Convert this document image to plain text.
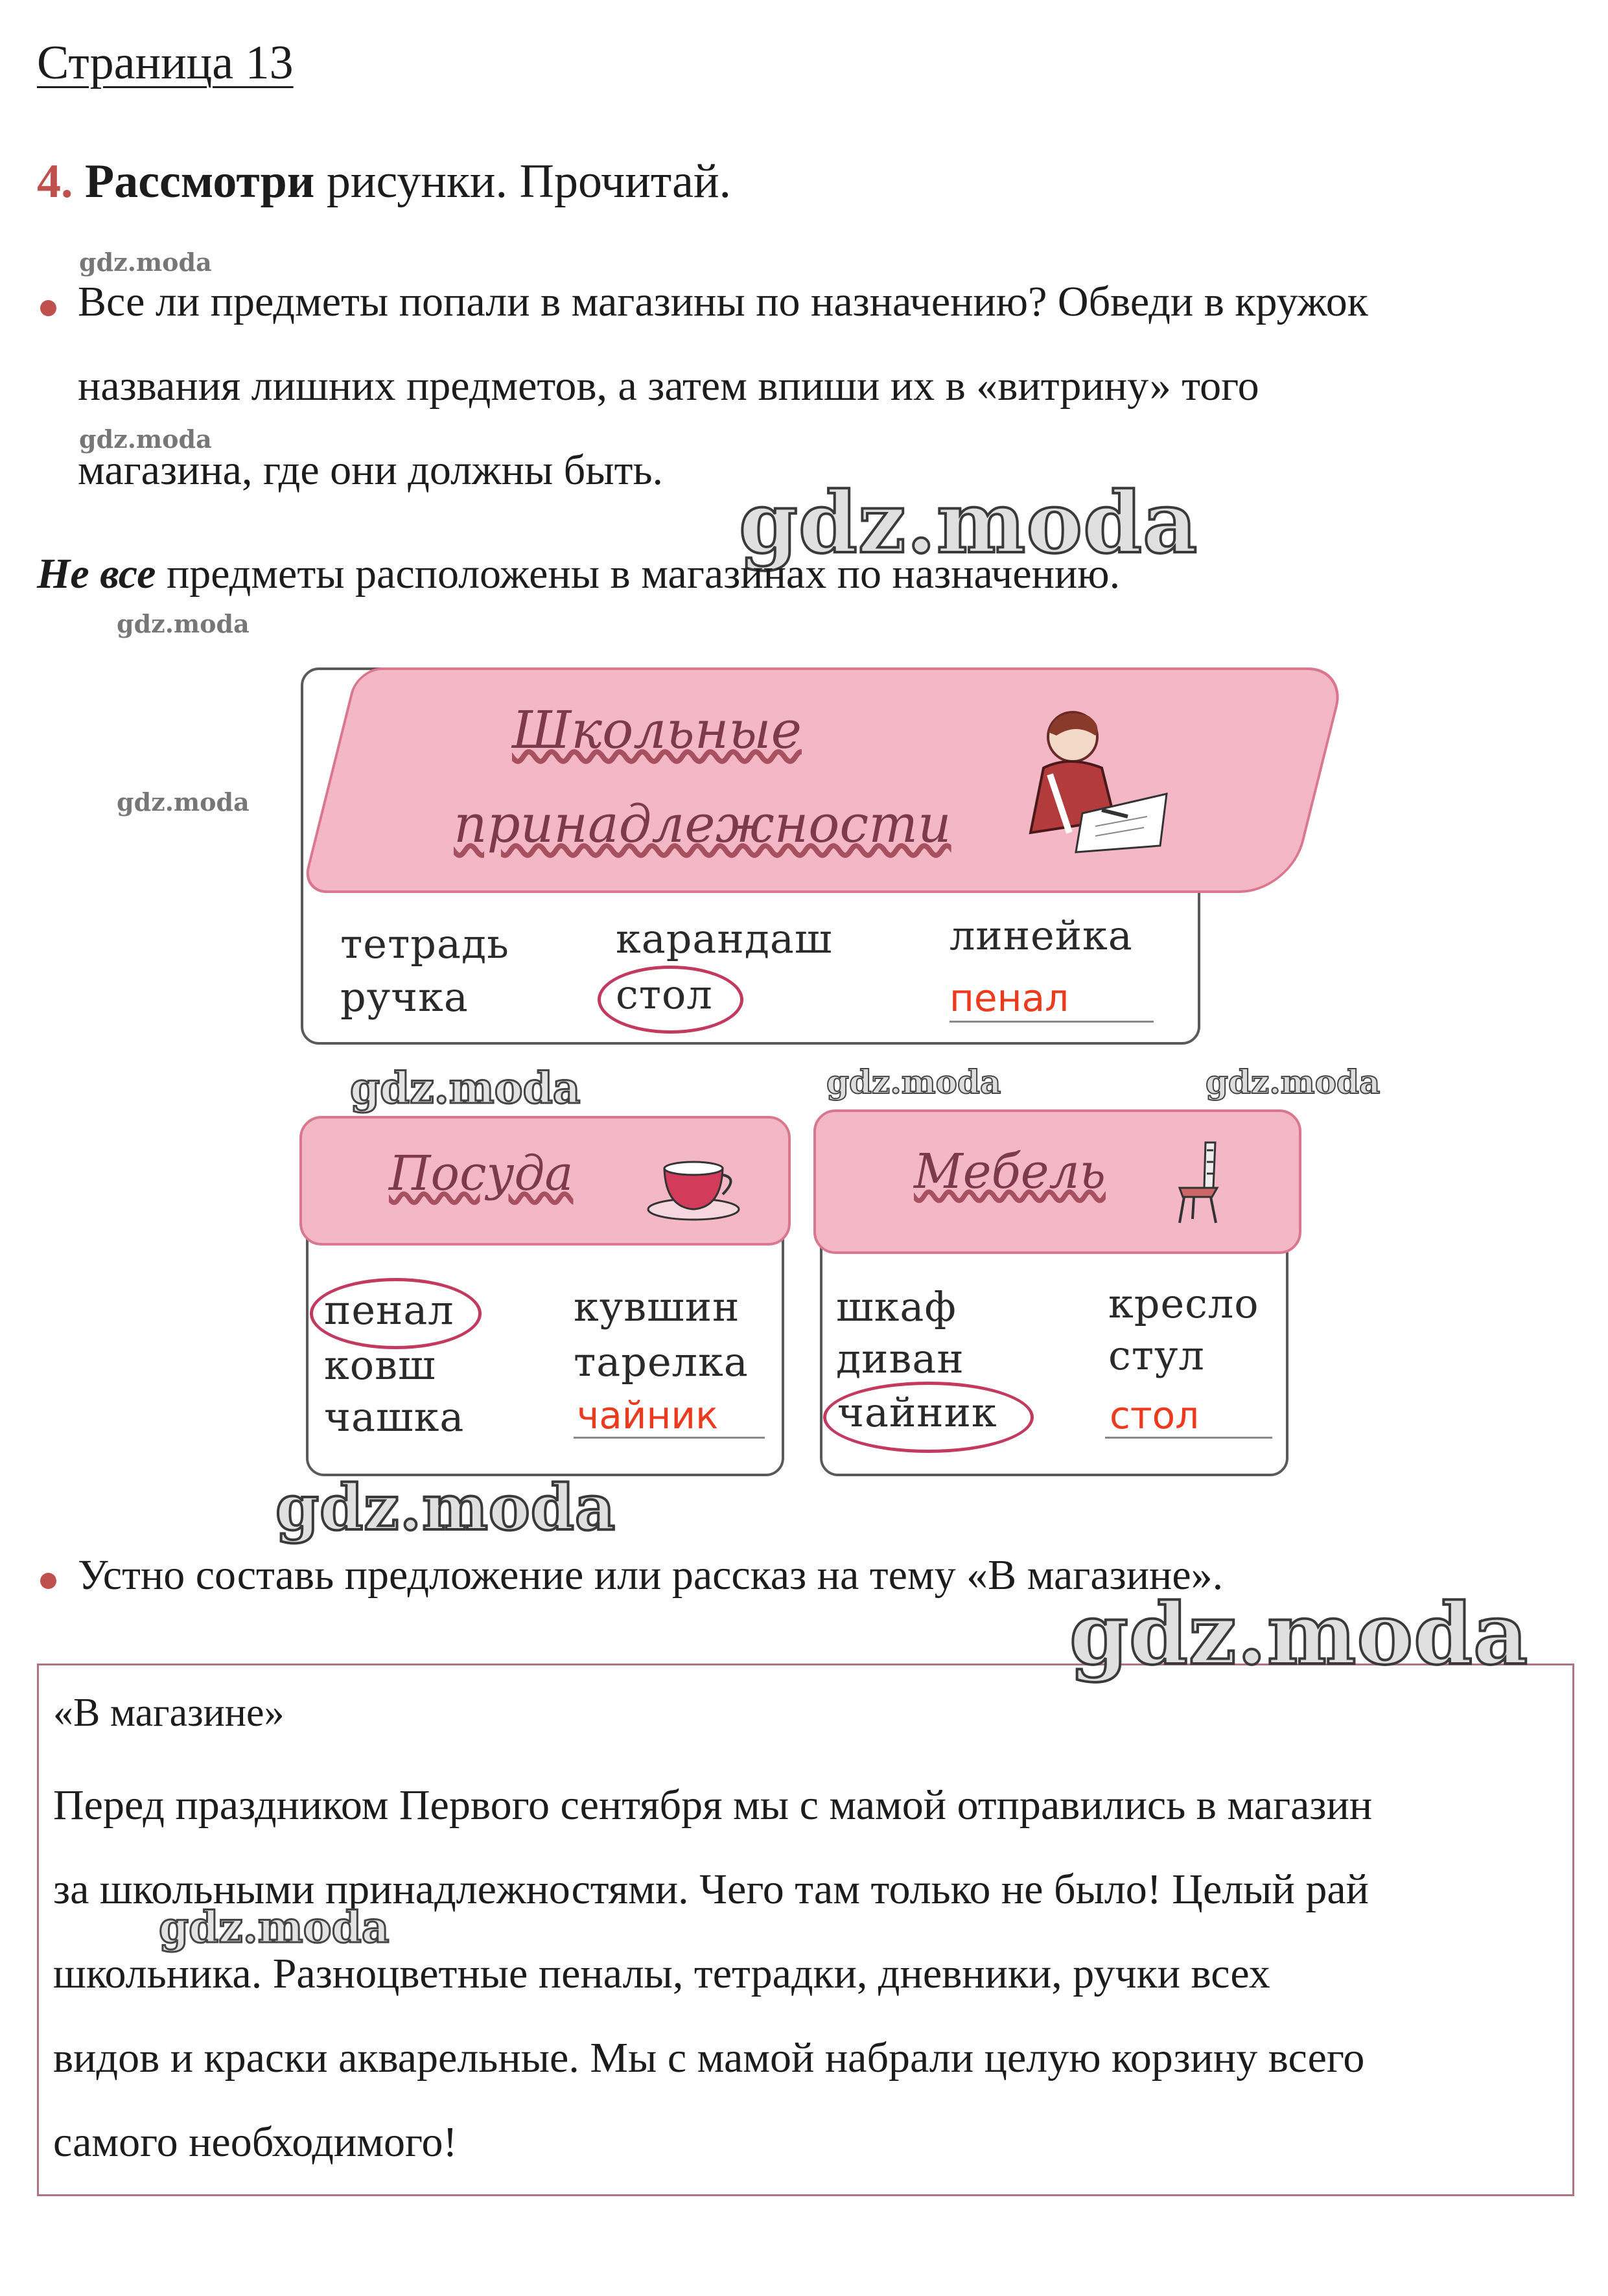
Страница 13
4. Рассмотри рисунки. Прочитай.
gdz.moda
gdz.moda
Все ли предметы попали в магазины по назначению? Обведи в кружок
названия лишних предметов, а затем впиши их в «витрину» того
магазина, где они должны быть.
gdz.moda
Не все предметы расположены в магазинах по назначению.
gdz.moda
gdz.moda
Школьные
принадлежности
тетрадь	карандаш	линейка
ручка	стол	пенал
gdz.moda	gdz.moda	gdz.moda
Посуда
пенал	кувшин
ковш	тарелка
чашка	чайник
Мебель
шкаф	кресло
диван	стул
чайник	стол
gdz.moda
Устно составь предложение или рассказ на тему «В магазине».
gdz.moda
«В магазине»
Перед праздником Первого сентября мы с мамой отправились в магазин
за школьными принадлежностями. Чего там только не было! Целый рай
gdz.moda
школьника. Разноцветные пеналы, тетрадки, дневники, ручки всех
видов и краски акварельные. Мы с мамой набрали целую корзину всего
самого необходимого!
